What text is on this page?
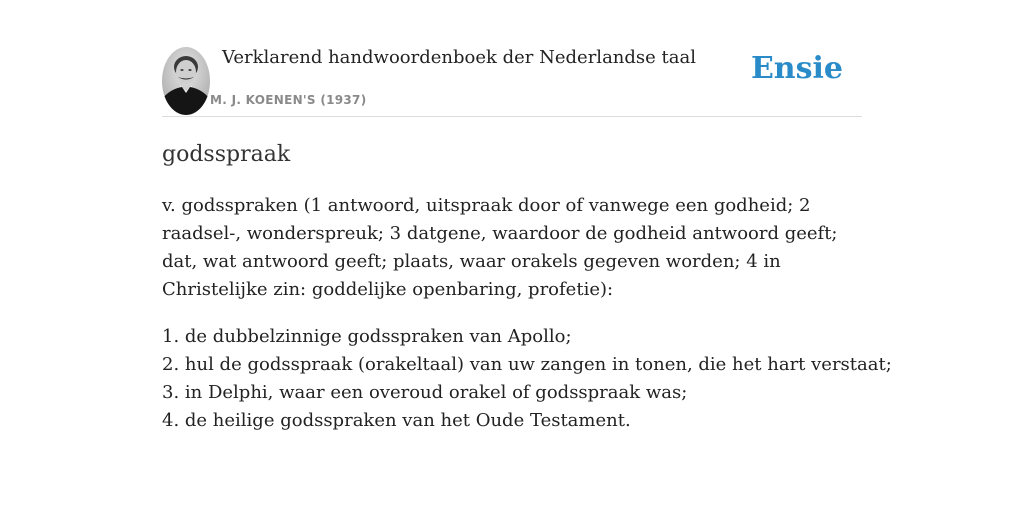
Verklarend handwoordenboek der Nederlandse taal
M. J. KOENEN'S (1937)
Ensie
godsspraak

v. godsspraken (1 antwoord, uitspraak door of vanwege een godheid; 2 raadsel-, wonderspreuk; 3 datgene, waardoor de godheid antwoord geeft; dat, wat antwoord geeft; plaats, waar orakels gegeven worden; 4 in Christelijke zin: goddelijke openbaring, profetie):

1. de dubbelzinnige godsspraken van Apollo;
2. hul de godsspraak (orakeltaal) van uw zangen in tonen, die het hart verstaat;
3. in Delphi, waar een overoud orakel of godsspraak was;
4. de heilige godsspraken van het Oude Testament.
